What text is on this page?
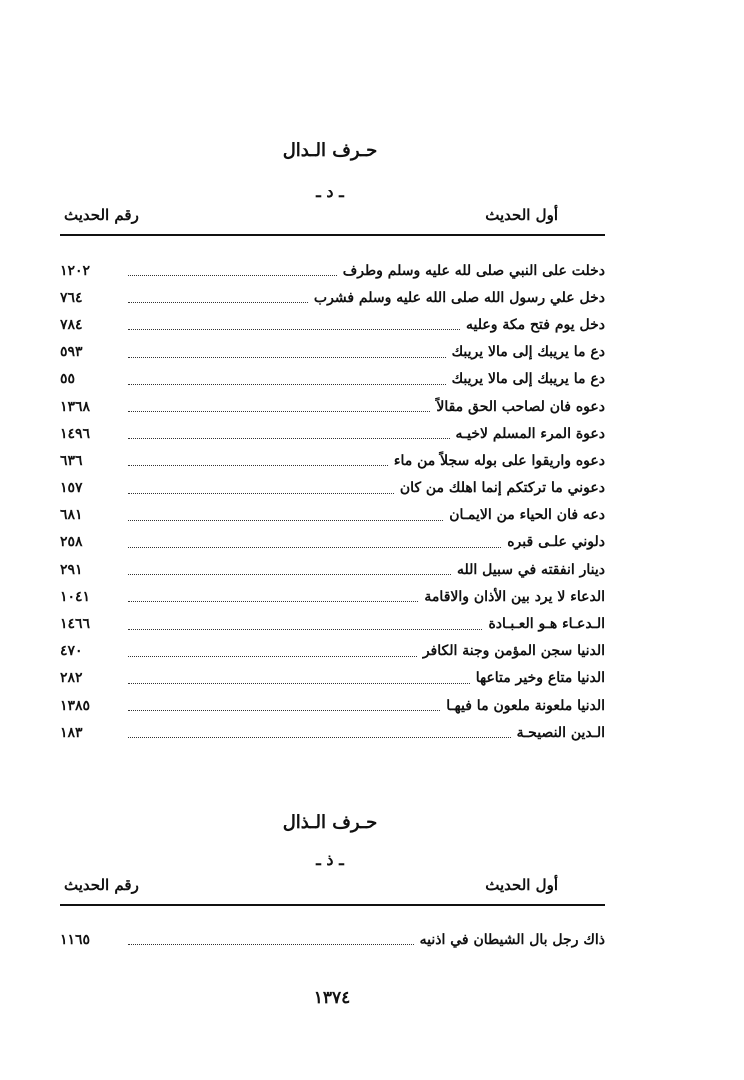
حـرف الـدال
ـ د ـ
أول الحديث
رقم الحديث
دخلت على النبي صلى لله عليه وسلم وطرف
١٢٠٢
دخل علي رسول الله صلى الله عليه وسلم فشرب
٧٦٤
دخل يوم فتح مكة وعليه
٧٨٤
دع ما يريبك إلى مالا يريبك
٥٩٣
دع ما يريبك إلى مالا يريبك
٥٥
دعوه فان لصاحب الحق مقالاً
١٣٦٨
دعوة المرء المسلم لاخيـه
١٤٩٦
دعوه واريقوا على بوله سجلاً من ماء
٦٣٦
دعوني ما تركتكم إنما اهلك من كان
١٥٧
دعه فان الحياء من الايمـان
٦٨١
دلوني علـى قبره
٢٥٨
دينار انفقته في سبيل الله
٢٩١
الدعاء لا يرد بين الأذان والاقامة
١٠٤١
الـدعـاء هـو العـبـادة
١٤٦٦
الدنيا سجن المؤمن وجنة الكافر
٤٧٠
الدنيا متاع وخير متاعها
٢٨٢
الدنيا ملعونة ملعون ما فيهـا
١٣٨٥
الـدين النصيحـة
١٨٣
حـرف الـذال
ـ ذ ـ
أول الحديث
رقم الحديث
ذاك رجل بال الشيطان في اذنيه
١١٦٥
١٣٧٤
